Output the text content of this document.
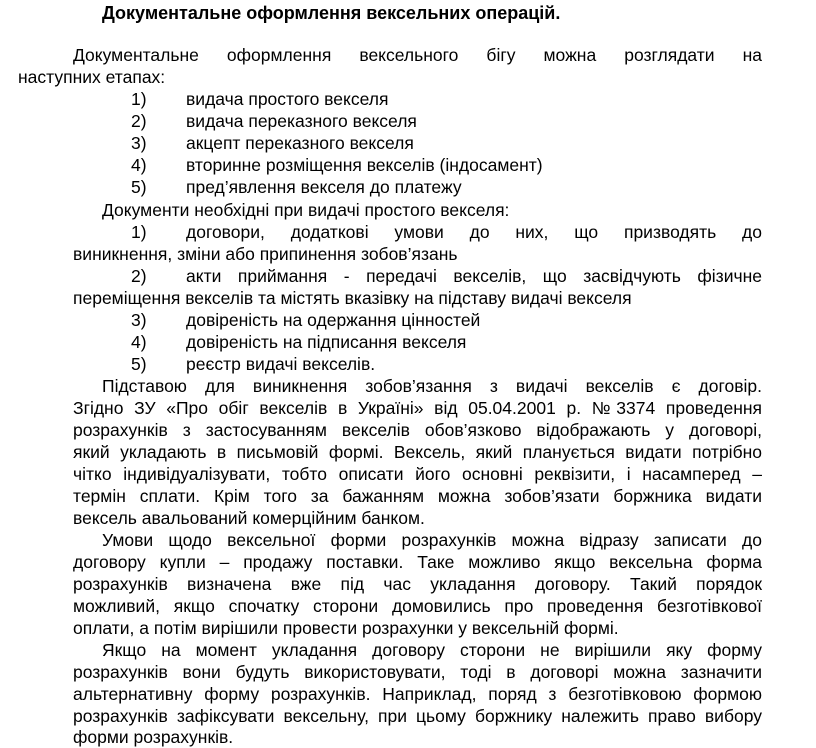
Документальне оформлення вексельних операцій.
Документальне оформлення вексельного бігу можна розглядати на
наступних етапах:
1) видача простого векселя
2) видача переказного векселя
3) акцепт переказного векселя
4) вторинне розміщення векселів (індосамент)
5) пред’явлення векселя до платежу
Документи необхідні при видачі простого векселя:
1) договори, додаткові умови до них, що призводять до
виникнення, зміни або припинення зобов’язань
2) акти приймання - передачі векселів, що засвідчують фізичне
переміщення векселів та містять вказівку на підставу видачі векселя
3) довіреність на одержання цінностей
4) довіреність на підписання векселя
5) реєстр видачі векселів.
Підставою для виникнення зобов’язання з видачі векселів є договір.
Згідно ЗУ «Про обіг векселів в Україні» від 05.04.2001 р. №3374 проведення
розрахунків з застосуванням векселів обов’язково відображають у договорі,
який укладають в письмовій формі. Вексель, який планується видати потрібно
чітко індивідуалізувати, тобто описати його основні реквізити, і насамперед –
термін сплати. Крім того за бажанням можна зобов’язати боржника видати
вексель авальований комерційним банком.
Умови щодо вексельної форми розрахунків можна відразу записати до
договору купли – продажу поставки. Таке можливо якщо вексельна форма
розрахунків визначена вже під час укладання договору. Такий порядок
можливий, якщо спочатку сторони домовились про проведення безготівкової
оплати, а потім вирішили провести розрахунки у вексельній формі.
Якщо на момент укладання договору сторони не вирішили яку форму
розрахунків вони будуть використовувати, тоді в договорі можна зазначити
альтернативну форму розрахунків. Наприклад, поряд з безготівковою формою
розрахунків зафіксувати вексельну, при цьому боржнику належить право вибору
форми розрахунків.
